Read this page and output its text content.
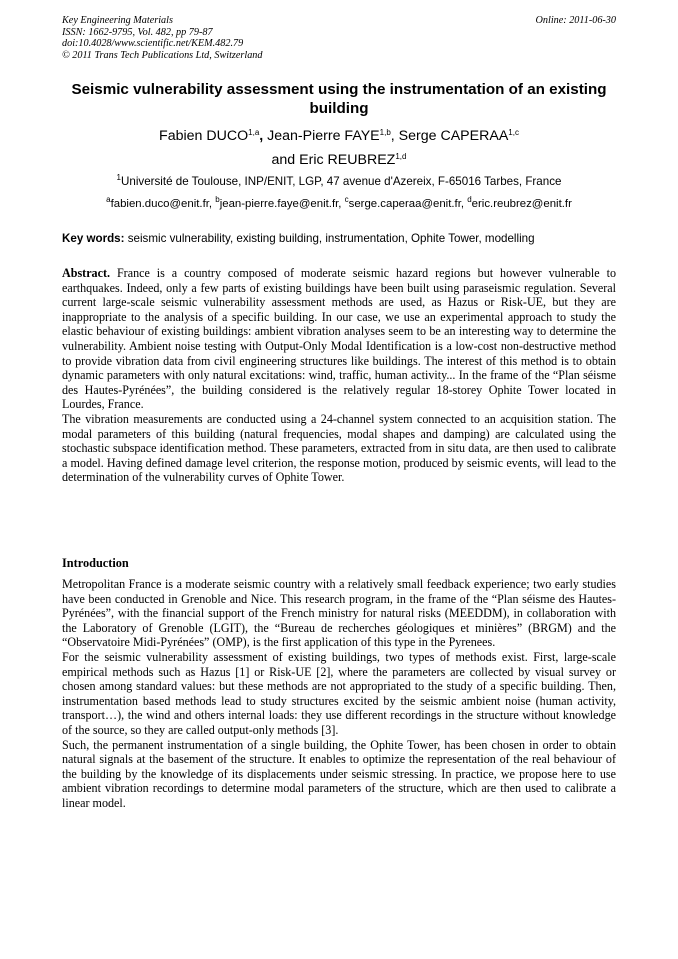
Key Engineering Materials
ISSN: 1662-9795, Vol. 482, pp 79-87
doi:10.4028/www.scientific.net/KEM.482.79
© 2011 Trans Tech Publications Ltd, Switzerland
Online: 2011-06-30
Seismic vulnerability assessment using the instrumentation of an existing building
Fabien DUCO$^{1,a}$, Jean-Pierre FAYE$^{1,b}$, Serge CAPERAA$^{1,c}$
and Eric REUBREZ$^{1,d}$
$^1$Université de Toulouse, INP/ENIT, LGP, 47 avenue d'Azereix, F-65016 Tarbes, France
$^a$fabien.duco@enit.fr, $^b$jean-pierre.faye@enit.fr, $^c$serge.caperaa@enit.fr, $^d$eric.reubrez@enit.fr
Key words: seismic vulnerability, existing building, instrumentation, Ophite Tower, modelling

Abstract. France is a country composed of moderate seismic hazard regions but however vulnerable to earthquakes. Indeed, only a few parts of existing buildings have been built using paraseismic regulation. Several current large-scale seismic vulnerability assessment methods are used, as Hazus or Risk-UE, but they are inappropriate to the analysis of a specific building. In our case, we use an experimental approach to study the elastic behaviour of existing buildings: ambient vibration analyses seem to be an interesting way to determine the vulnerability. Ambient noise testing with Output-Only Modal Identification is a low-cost non-destructive method to provide vibration data from civil engineering structures like buildings. The interest of this method is to obtain dynamic parameters with only natural excitations: wind, traffic, human activity... In the frame of the “Plan séisme des Hautes-Pyrénées”, the building considered is the relatively regular 18-storey Ophite Tower located in Lourdes, France.

The vibration measurements are conducted using a 24-channel system connected to an acquisition station. The modal parameters of this building (natural frequencies, modal shapes and damping) are calculated using the stochastic subspace identification method. These parameters, extracted from in situ data, are then used to calibrate a model. Having defined damage level criterion, the response motion, produced by seismic events, will lead to the determination of the vulnerability curves of Ophite Tower.

Introduction

Metropolitan France is a moderate seismic country with a relatively small feedback experience; two early studies have been conducted in Grenoble and Nice. This research program, in the frame of the “Plan séisme des Hautes-Pyrénées”, with the financial support of the French ministry for natural risks (MEEDDM), in collaboration with the Laboratory of Grenoble (LGIT), the “Bureau de recherches géologiques et minières” (BRGM) and the “Observatoire Midi-Pyrénées” (OMP), is the first application of this type in the Pyrenees.

For the seismic vulnerability assessment of existing buildings, two types of methods exist. First, large-scale empirical methods such as Hazus [1] or Risk-UE [2], where the parameters are collected by visual survey or chosen among standard values: but these methods are not appropriated to the study of a specific building. Then, instrumentation based methods lead to study structures excited by the seismic ambient noise (human activity, transport…), the wind and others internal loads: they use different recordings in the structure without knowledge of the source, so they are called output-only methods [3].

Such, the permanent instrumentation of a single building, the Ophite Tower, has been chosen in order to obtain natural signals at the basement of the structure. It enables to optimize the representation of the real behaviour of the building by the knowledge of its displacements under seismic stressing. In practice, we propose here to use ambient vibration recordings to determine modal parameters of the structure, which are then used to calibrate a linear model.
